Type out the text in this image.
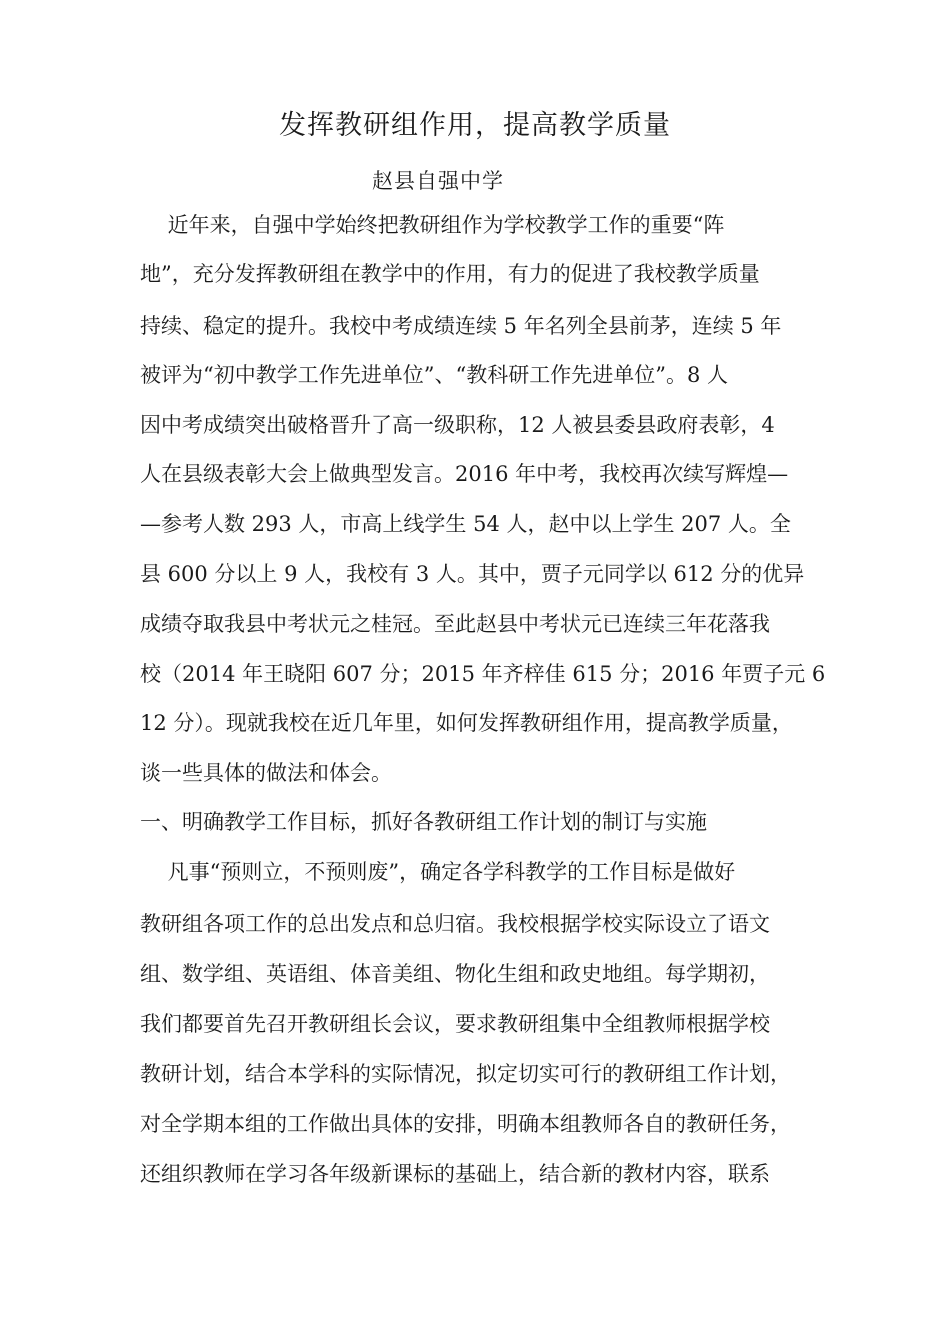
发挥教研组作用，提高教学质量
赵县自强中学
　 近年来，自强中学始终把教研组作为学校教学工作的重要“阵
地”，充分发挥教研组在教学中的作用，有力的促进了我校教学质量
持续、稳定的提升。我校中考成绩连续 5 年名列全县前茅，连续 5 年
被评为“初中教学工作先进单位”、“教科研工作先进单位”。8 人
因中考成绩突出破格晋升了高一级职称，12 人被县委县政府表彰，4
人在县级表彰大会上做典型发言。2016 年中考，我校再次续写辉煌—
—参考人数 293 人，市高上线学生 54 人，赵中以上学生 207 人。全
县 600 分以上 9 人，我校有 3 人。其中，贾子元同学以 612 分的优异
成绩夺取我县中考状元之桂冠。至此赵县中考状元已连续三年花落我
校（2014 年王晓阳 607 分；2015 年齐梓佳 615 分；2016 年贾子元 6
12 分）。现就我校在近几年里，如何发挥教研组作用，提高教学质量，
谈一些具体的做法和体会。
一、明确教学工作目标，抓好各教研组工作计划的制订与实施
　 凡事“预则立，不预则废”，确定各学科教学的工作目标是做好
教研组各项工作的总出发点和总归宿。我校根据学校实际设立了语文
组、数学组、英语组、体音美组、物化生组和政史地组。每学期初，
我们都要首先召开教研组长会议，要求教研组集中全组教师根据学校
教研计划，结合本学科的实际情况，拟定切实可行的教研组工作计划，
对全学期本组的工作做出具体的安排，明确本组教师各自的教研任务，
还组织教师在学习各年级新课标的基础上，结合新的教材内容，联系
